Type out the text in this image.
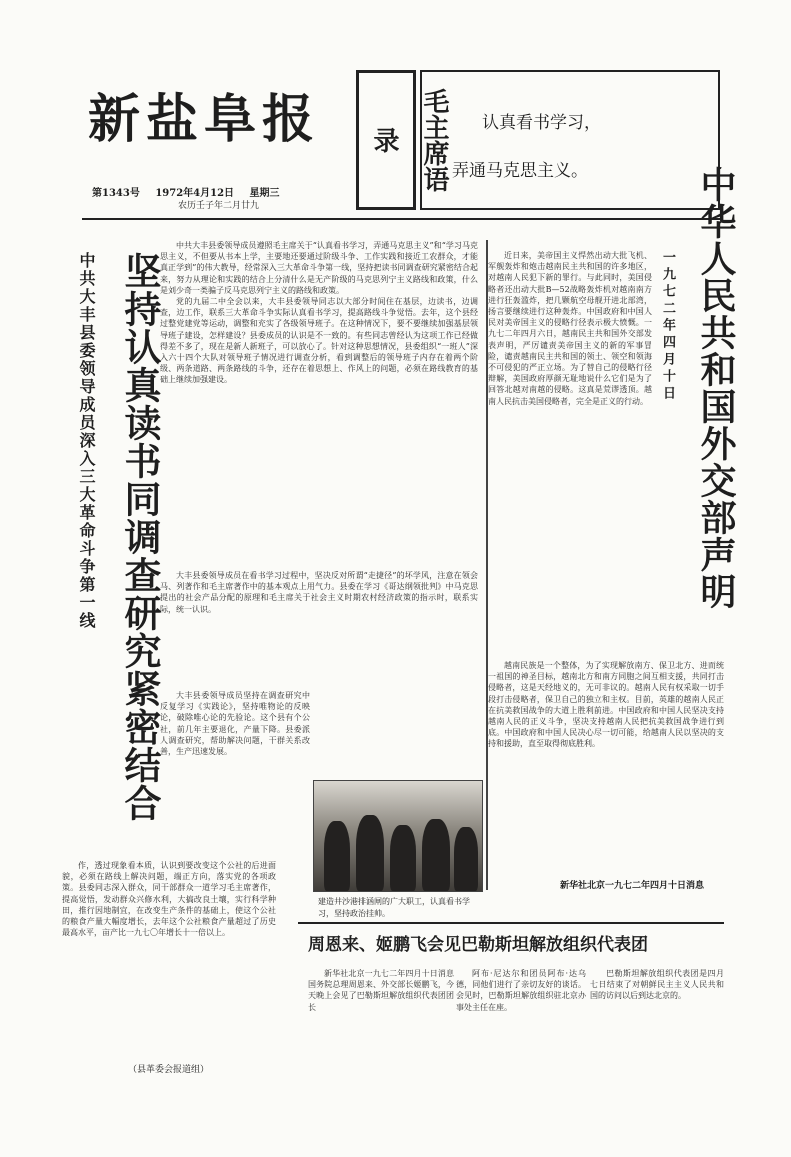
新盐阜报
第1343号 1972年4月12日 星期三
农历壬子年二月廿九
毛主席语录
认真看书学习，
弄通马克思主义。
中共大丰县委领导成员深入三大革命斗争第一线 坚持认真读书同调查研究紧密结合

中共大丰县委领导成员遵照毛主席关于“认真看书学习，弄通马克思主义”和“学习马克思主义，不但要从书本上学，主要地还要通过阶级斗争、工作实践和接近工农群众，才能真正学到”的伟大教导，经常深入三大革命斗争第一线，坚持把读书同调查研究紧密结合起来，努力从理论和实践的结合上分清什么是无产阶级的马克思列宁主义路线和政策，什么是刘少奇一类骗子反马克思列宁主义的路线和政策。

党的九届二中全会以来，大丰县委领导同志以大部分时间住在基层，边读书，边调查，边工作，联系三大革命斗争实际认真看书学习，提高路线斗争觉悟。去年，这个县经过整党建党等运动，调整和充实了各级领导班子。在这种情况下，要不要继续加强基层领导班子建设，怎样建设？县委成员的认识是不一致的。有些同志曾经认为这项工作已经做得差不多了，现在是新人新班子，可以放心了。针对这种思想情况，县委组织“一班人”深入六十四个大队对领导班子情况进行调查分析，看到调整后的领导班子内存在着两个阶级、两条道路、两条路线的斗争，还存在着思想上、作风上的问题，必须在路线教育的基础上继续加强建设。

大丰县委领导成员在看书学习过程中，坚决反对所谓“走捷径”的坏学风，注意在领会马、列著作和毛主席著作中的基本观点上用气力。县委在学习《哥达纲领批判》中马克思提出的社会产品分配的原理和毛主席关于社会主义时期农村经济政策的指示时，联系实际，统一认识。

大丰县委领导成员坚持在调查研究中反复学习《实践论》，坚持唯物论的反映论，破除唯心论的先验论。这个县有个公社，前几年主要退化，产量下降。县委派人调查研究，帮助解决问题，干群关系改善，生产迅速发展。

作，透过现象看本质，认识到要改变这个公社的后进面貌，必须在路线上解决问题，端正方向，落实党的各项政策。县委同志深入群众，同干部群众一道学习毛主席著作，提高觉悟，发动群众兴修水利，大搞改良土壤，实行科学种田，推行因地制宜，在改变生产条件的基础上，使这个公社的粮食产量大幅度增长，去年这个公社粮食产量超过了历史最高水平，亩产比一九七〇年增长十一倍以上。

（县革委会报道组）
建造井沙港排涵闸的广大职工，认真看书学习，坚持政治挂帅。
中华人民共和国外交部声明
一九七二年四月十日

近日来，美帝国主义悍然出动大批飞机、军舰轰炸和炮击越南民主共和国的许多地区，对越南人民犯下新的罪行。与此同时，美国侵略者还出动大批B—52战略轰炸机对越南南方进行狂轰滥炸，把几颗航空母舰开进北部湾，扬言要继续进行这种轰炸。中国政府和中国人民对美帝国主义的侵略行径表示极大愤慨。一九七二年四月六日，越南民主共和国外交部发表声明，严厉谴责美帝国主义的新的军事冒险，谴责越南民主共和国的领土、领空和领海不可侵犯的严正立场。为了替自己的侵略行径辩解，美国政府厚颜无耻地说什么它们是为了回答北越对南越的侵略。这真是荒谬透顶。越南人民抗击美国侵略者，完全是正义的行动。

越南民族是一个整体，为了实现解放南方、保卫北方、进而统一祖国的神圣目标，越南北方和南方同胞之间互相支援，共同打击侵略者，这是天经地义的，无可非议的。越南人民有权采取一切手段打击侵略者，保卫自己的独立和主权。目前，英雄的越南人民正在抗美救国战争的大道上胜利前进。中国政府和中国人民坚决支持越南人民的正义斗争，坚决支持越南人民把抗美救国战争进行到底。中国政府和中国人民决心尽一切可能，给越南人民以坚决的支持和援助，直至取得彻底胜利。

新华社北京一九七二年四月十日消息
周恩来、姬鹏飞会见巴勒斯坦解放组织代表团

新华社北京一九七二年四月十日消息　国务院总理周恩来、外交部长姬鹏飞，今天晚上会见了巴勒斯坦解放组织代表团团长

阿布·尼达尔和团员阿布·达乌德，同他们进行了亲切友好的谈话。会见时，巴勒斯坦解放组织驻北京办事处主任在座。

巴勒斯坦解放组织代表团是四月七日结束了对朝鲜民主主义人民共和国的访问以后到达北京的。
